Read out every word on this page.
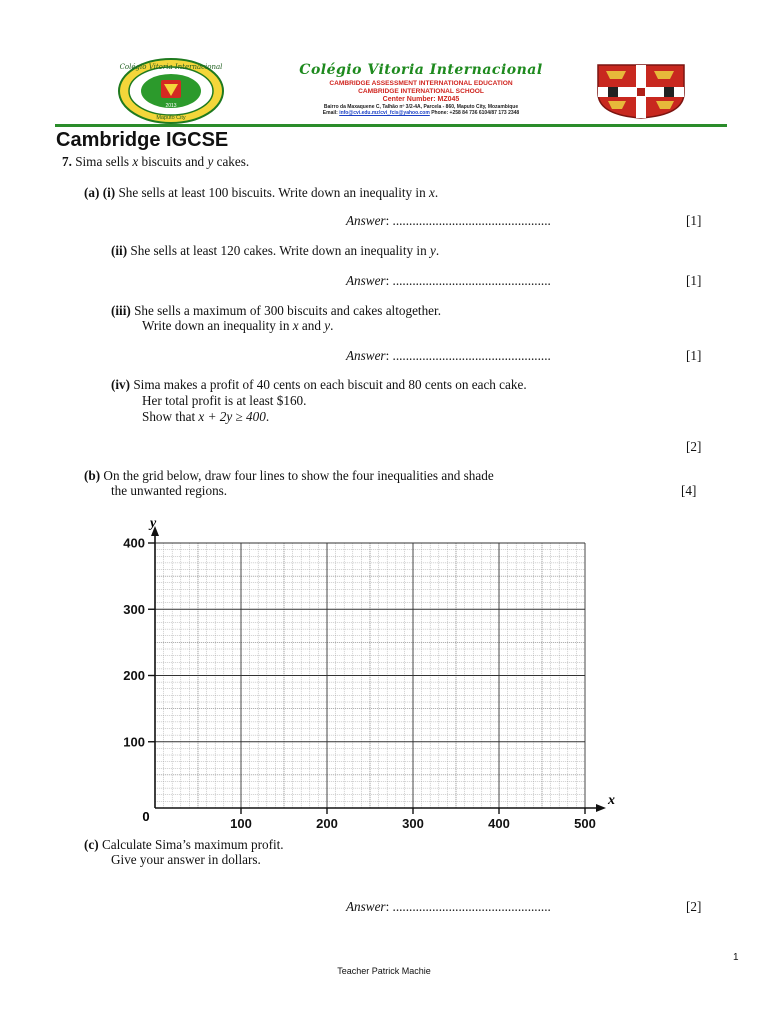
Colégio Vitoria Internacional
2013
Maputo City
Colégio Vitoria Internacional
CAMBRIDGE ASSESSMENT INTERNATIONAL EDUCATION
CAMBRIDGE INTERNATIONAL SCHOOL
Center Number: MZ045
Bairro da Maxaquene C, Talhão nº 3/2-4A, Parcela - 860, Maputo City, Mozambique
Email: info@cvi.edu.mz/cvi_fcis@yahoo.com Phone: +258 84 736 6104/87 173 2348
Cambridge IGCSE
7. Sima sells x biscuits and y cakes.
(a) (i) She sells at least 100 biscuits. Write down an inequality in x.
Answer: ................................................	[1]
(ii) She sells at least 120 cakes. Write down an inequality in y.
Answer: ................................................	[1]
(iii) She sells a maximum of 300 biscuits and cakes altogether.
Write down an inequality in x and y.
Answer: ................................................	[1]
(iv) Sima makes a profit of 40 cents on each biscuit and 80 cents on each cake.
Her total profit is at least $160.
Show that x + 2y ≥ 400.
[2]
(b) On the grid below, draw four lines to show the four inequalities and shade
the unwanted regions.	[4]
100	200	300	400	500
100
200
300
400
0
x
y
(c) Calculate Sima’s maximum profit.
Give your answer in dollars.
Answer: ................................................	[2]
1
Teacher Patrick Machie
